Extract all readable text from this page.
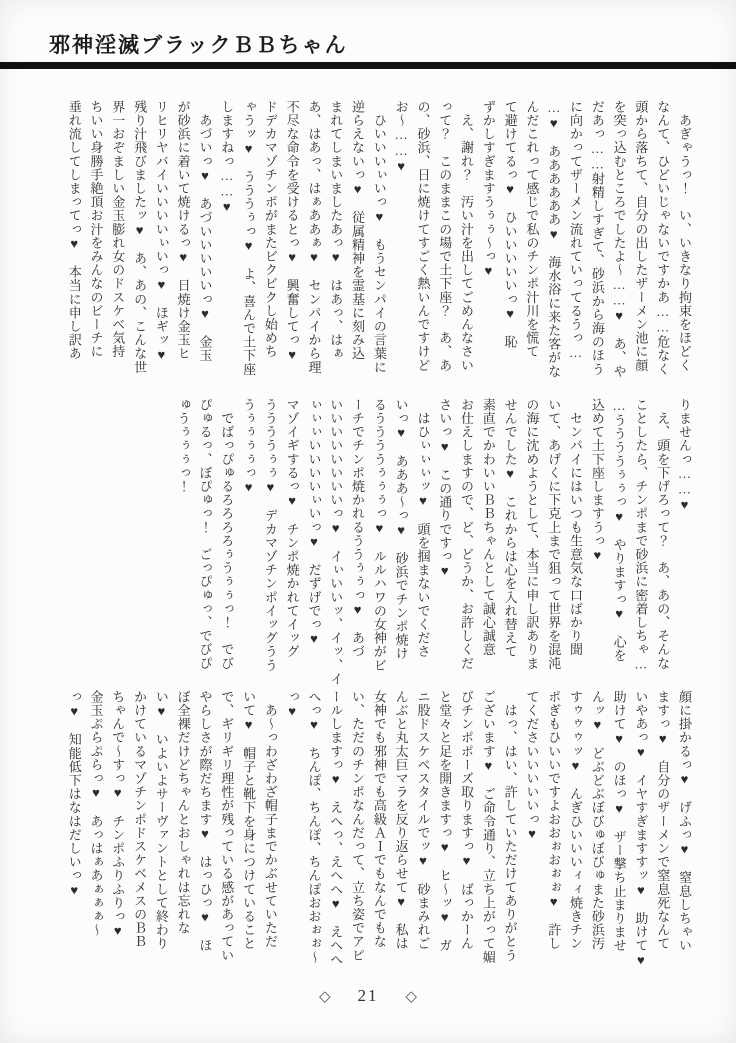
邪神淫滅ブラックＢＢちゃん
　あぎゃうっ！　い、いきなり拘束をほどく
なんて、ひどいじゃないですかあ……危なく
頭から落ちて、自分の出したザーメン池に顔
を突っ込むところでしたよ～……♥　あ、や
だあっ……射精しすぎて、砂浜から海のほう
に向かってザーメン流れていってるうっ…
…♥　ああああああ♥　海水浴に来た客がな
んだこれって感じで私のチンポ汁川を慌て
て避けてるっ♥　ひいいいいいっ♥　恥
ずかしすぎますうぅぅ～っ♥
　え、謝れ？　汚い汁を出してごめんなさい
って？　このままこの場で土下座？　あ、あ
の、砂浜、日に焼けてすごく熱いんですけど
お～……♥
　ひいいいぃいっ♥　もうセンパイの言葉に
逆らえないっ♥　従属精神を霊基に刻み込
まれてしまいましたあっ♥　はあっ、はぁ
あ、はあっ、はぁああぁ♥　センパイから理
不尽な命令を受けるとっ♥　興奮してっ♥
ドデカマゾチンポがまたビクビクし始めち
ゃうッ♥　うううぅっ♥　よ、喜んで土下座
しますねっ……♥
　あづいっ♥　あづいいいいいっ♥　金玉
が砂浜に着いて焼けるっ♥　日焼け金玉ヒ
リヒリヤバイいいいいぃいっ♥　ほギッ♥
残り汁飛びましたッ♥　あ、あの、こんな世
界一おぞましい金玉膨れ女のドスケベ気持
ちいい身勝手絶頂お汁をみんなのビーチに
垂れ流してしまってっ♥　本当に申し訳あ
りませんっ……♥
　え、頭を下げろって？　あ、あの、そんな
ことしたら、チンポまで砂浜に密着しちゃ…
…ううううぅぅっ♥　やりますっ♥　心を
込めて土下座しますうっ♥
　センパイにはいつも生意気な口ばかり聞
いて、あげくに下克上まで狙って世界を混沌
の海に沈めようとして、本当に申し訳ありま
せんでした♥　これからは心を入れ替えて
素直でかわいいＢＢちゃんとして誠心誠意
お仕えしますので、ど、どうか、お許しくだ
さいっ♥　この通りですっ♥
　はひぃぃぃッ♥　頭を掴まないでくださ
いっ♥　あああ～っ♥　砂浜でチンポ焼け
るううううぅぅぅっ♥　ルルハワの女神がビ
ーチでチンポ焼かれるううぅぅっ♥　あづ
いいいいいいいいっ♥　イぃいいッ、イッ、イ
ぃぃぃいいいいぃいっ♥　だずげでっ♥
マゾイギするっ♥　チンポ焼かれてイッグ
ううううぅぅ♥　デカマゾチンポイッグうう
うぅぅぅぅっ♥
　でばっぴゅるろろろろぅうぅぅっ！　でび
ぴゅるっ、ぼぴゅっ！　ごっぴゅっ、でびぴ
ゅうぅぅぅっ！
顔に掛かるっ♥　げふっ♥　窒息しちゃい
ますっ♥　自分のザーメンで窒息死なんて
いやあっ♥　イヤすぎますすッ♥　助けて♥
助けて♥　のほっ♥　ザー撃ち止まりませ
んッ♥　どぶどぶぼびゅぼびゅまた砂浜汚
すゥゥゥッ♥　んぎひいいいィィ焼きチン
ポぎもひいいですよおおぉおぉぉ♥　許し
てくださいいいいいっ♥
　はっ、はい、許していただけてありがとう
ございます♥　ご命令通り、立ち上がって媚
びチンポポーズ取りますっ♥　ばっかーん
と堂々と足を開きますっ♥　ヒ～ッ♥　ガ
ニ股ドスケベスタイルでッ♥　砂まみれご
んぶと丸太巨マラを反り返らせて♥　私は
女神でも邪神でも高級ＡＩでもなんでもな
い、ただのチンポなんだって、立ち姿でアピ
ールしますっ♥　えへっ、えへへ♥　えへへ
へっ♥　ちんぽ、ちんぽ、ちんぽおおぉぉ～
っ♥
　あ～っわざわざ帽子までかぶせていただ
いて♥　帽子と靴下を身につけていること
で、ギリギリ理性が残っている感があってい
やらしさが際だちます♥　はっひっ♥　ほ
ぼ全裸だけどちゃんとおしゃれは忘れな
い♥　いよいよサーヴァントとして終わり
かけているマゾチンポドスケベメスのＢＢ
ちゃんで～すっ♥　チンポふりふりっ♥
金玉ぷらぷらっ♥　あっはぁあぁぁぁ～
っ♥　知能低下はなはだしいっ♥
◇ 21 ◇
